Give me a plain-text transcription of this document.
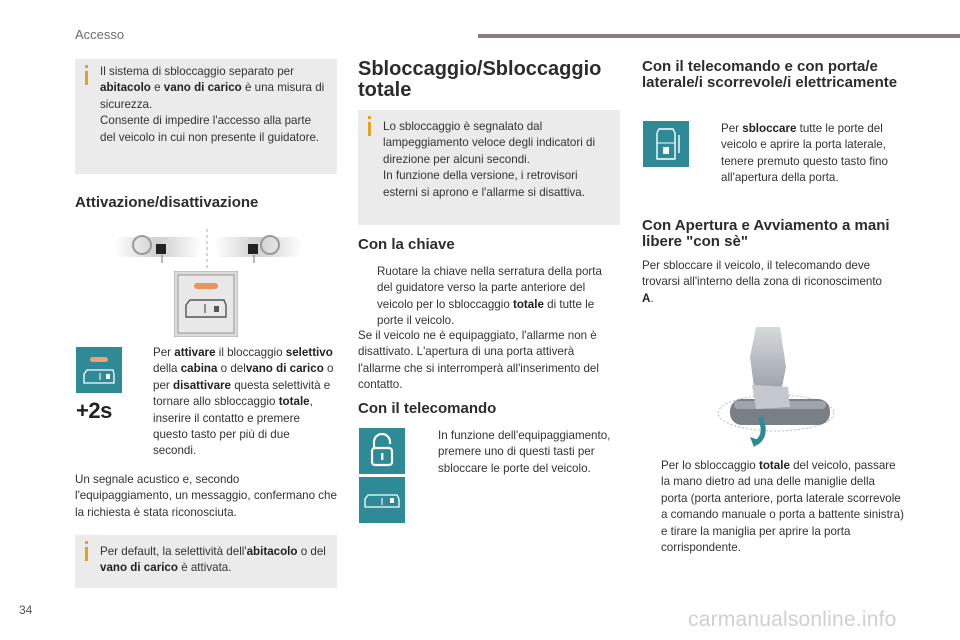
Accesso
34	carmanualsonline.info
Il sistema di sbloccaggio separato per abitacolo e vano di carico è una misura di sicurezza.
Consente di impedire l'accesso alla parte del veicolo in cui non presente il guidatore.
Attivazione/disattivazione
+2s
Per attivare il bloccaggio selettivo della cabina o delvano di carico o per disattivare questa selettività e tornare allo sbloccaggio totale, inserire il contatto e premere questo tasto per più di due secondi.
Un segnale acustico e, secondo l'equipaggiamento, un messaggio, confermano che la richiesta è stata riconosciuta.
Per default, la selettività dell'abitacolo o del vano di carico è attivata.
Sbloccaggio/Sbloccaggio totale
Lo sbloccaggio è segnalato dal lampeggiamento veloce degli indicatori di direzione per alcuni secondi.
In funzione della versione, i retrovisori esterni si aprono e l'allarme si disattiva.
Con la chiave
Ruotare la chiave nella serratura della porta del guidatore verso la parte anteriore del veicolo per lo sbloccaggio totale di tutte le porte il veicolo.
Se il veicolo ne è equipaggiato, l'allarme non è disattivato. L'apertura di una porta attiverà l'allarme che si interromperà all'inserimento del contatto.
Con il telecomando
In funzione dell'equipaggiamento, premere uno di questi tasti per sbloccare le porte del veicolo.
Con il telecomando e con porta/e laterale/i scorrevole/i elettricamente
Per sbloccare tutte le porte del veicolo e aprire la porta laterale, tenere premuto questo tasto fino all'apertura della porta.
Con Apertura e Avviamento a mani libere "con sè"
Per sbloccare il veicolo, il telecomando deve trovarsi all'interno della zona di riconoscimento A.
Per lo sbloccaggio totale del veicolo, passare la mano dietro ad una delle maniglie della porta (porta anteriore, porta laterale scorrevole a comando manuale o porta a battente sinistra) e tirare la maniglia per aprire la porta corrispondente.
